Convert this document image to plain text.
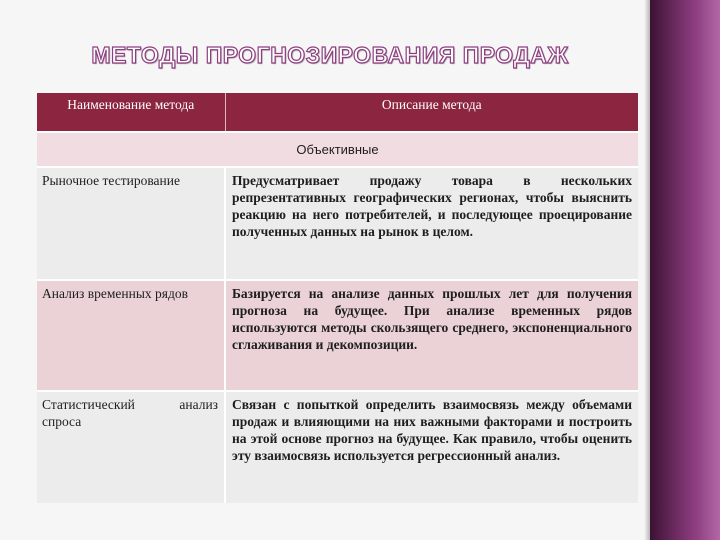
МЕТОДЫ ПРОГНОЗИРОВАНИЯ ПРОДАЖ
Наименование метода	Описание метода
Объективные	
Рыночное тестирование	Предусматривает продажу товара в нескольких репрезентативных географических регионах, чтобы выяснить реакцию на него потребителей, и последующее проецирование полученных данных на рынок в целом.
Анализ временных рядов	Базируется на анализе данных прошлых лет для получения прогноза на будущее. При анализе временных рядов используются методы скользящего среднего, экспоненциального сглаживания и декомпозиции.
Статистический анализ спроса	Связан с попыткой определить взаимосвязь между объемами продаж и влияющими на них важными факторами и построить на этой основе прогноз на будущее. Как правило, чтобы оценить эту взаимосвязь используется регрессионный анализ.
